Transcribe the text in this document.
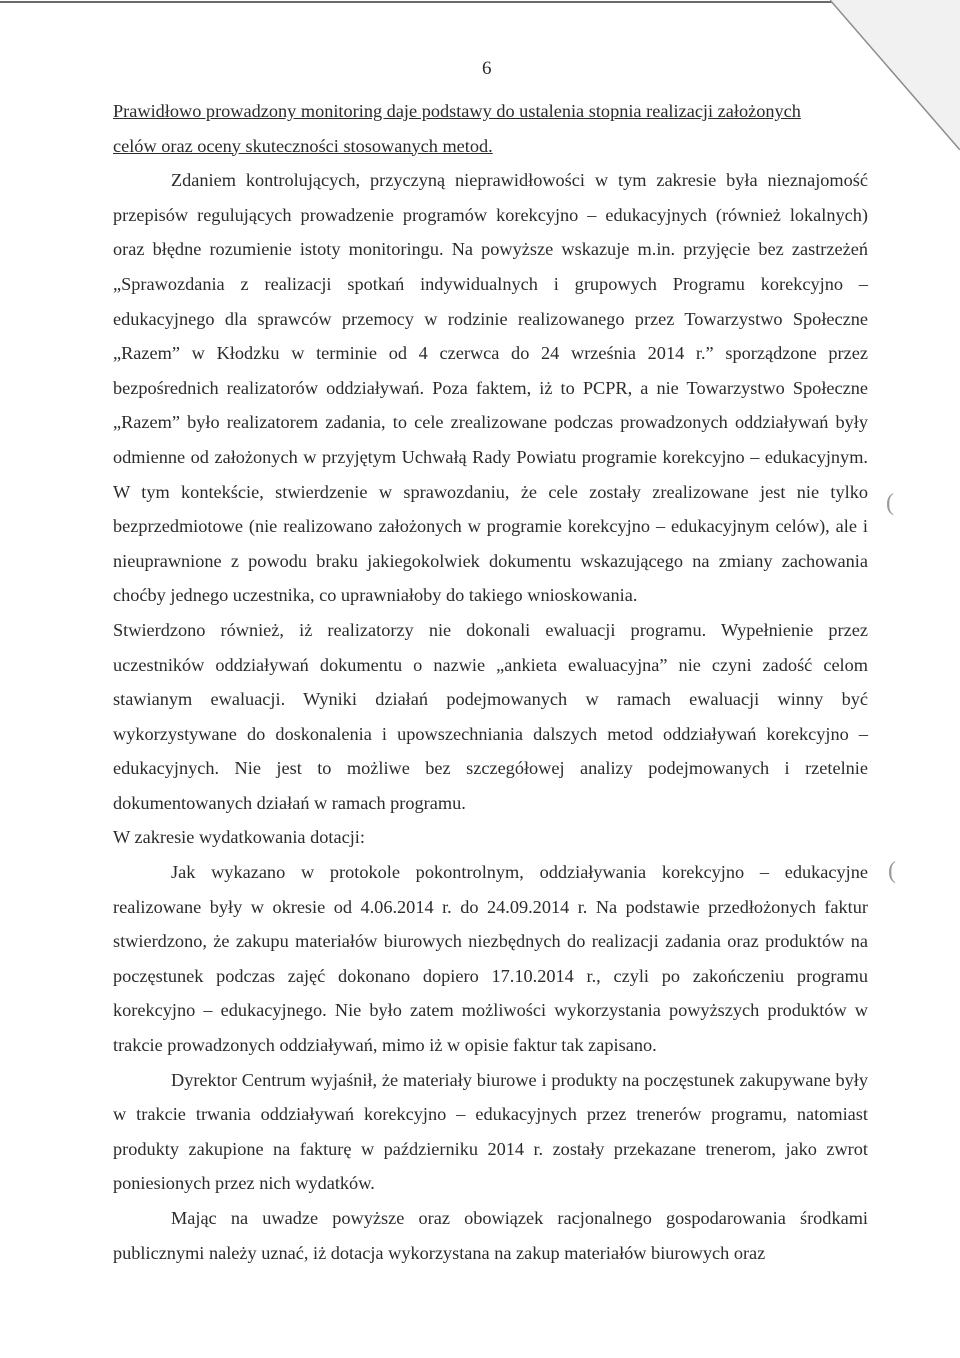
6
(
(

Prawidłowo prowadzony monitoring daje podstawy do ustalenia stopnia realizacji założonych

celów oraz oceny skuteczności stosowanych metod.

Zdaniem kontrolujących, przyczyną nieprawidłowości w tym zakresie była nieznajomość przepisów regulujących prowadzenie programów korekcyjno – edukacyjnych (również lokalnych) oraz błędne rozumienie istoty monitoringu. Na powyższe wskazuje m.in. przyjęcie bez zastrzeżeń „Sprawozdania z realizacji spotkań indywidualnych i grupowych Programu korekcyjno – edukacyjnego dla sprawców przemocy w rodzinie realizowanego przez Towarzystwo Społeczne „Razem” w Kłodzku w terminie od 4 czerwca do 24 września 2014 r.” sporządzone przez bezpośrednich realizatorów oddziaływań. Poza faktem, iż to PCPR, a nie Towarzystwo Społeczne „Razem” było realizatorem zadania, to cele zrealizowane podczas prowadzonych oddziaływań były odmienne od założonych w przyjętym Uchwałą Rady Powiatu programie korekcyjno – edukacyjnym. W tym kontekście, stwierdzenie w sprawozdaniu, że cele zostały zrealizowane jest nie tylko bezprzedmiotowe (nie realizowano założonych w programie korekcyjno – edukacyjnym celów), ale i nieuprawnione z powodu braku jakiegokolwiek dokumentu wskazującego na zmiany zachowania choćby jednego uczestnika, co uprawniałoby do takiego wnioskowania.

Stwierdzono również, iż realizatorzy nie dokonali ewaluacji programu. Wypełnienie przez uczestników oddziaływań dokumentu o nazwie „ankieta ewaluacyjna” nie czyni zadość celom stawianym ewaluacji. Wyniki działań podejmowanych w ramach ewaluacji winny być wykorzystywane do doskonalenia i upowszechniania dalszych metod oddziaływań korekcyjno – edukacyjnych. Nie jest to możliwe bez szczegółowej analizy podejmowanych i rzetelnie dokumentowanych działań w ramach programu.

W zakresie wydatkowania dotacji:

Jak wykazano w protokole pokontrolnym, oddziaływania korekcyjno – edukacyjne realizowane były w okresie od 4.06.2014 r. do 24.09.2014 r. Na podstawie przedłożonych faktur stwierdzono, że zakupu materiałów biurowych niezbędnych do realizacji zadania oraz produktów na poczęstunek podczas zajęć dokonano dopiero 17.10.2014 r., czyli po zakończeniu programu korekcyjno – edukacyjnego. Nie było zatem możliwości wykorzystania powyższych produktów w trakcie prowadzonych oddziaływań, mimo iż w opisie faktur tak zapisano.

Dyrektor Centrum wyjaśnił, że materiały biurowe i produkty na poczęstunek zakupywane były w trakcie trwania oddziaływań korekcyjno – edukacyjnych przez trenerów programu, natomiast produkty zakupione na fakturę w październiku 2014 r. zostały przekazane trenerom, jako zwrot poniesionych przez nich wydatków.

Mając na uwadze powyższe oraz obowiązek racjonalnego gospodarowania środkami publicznymi należy uznać, iż dotacja wykorzystana na zakup materiałów biurowych oraz
